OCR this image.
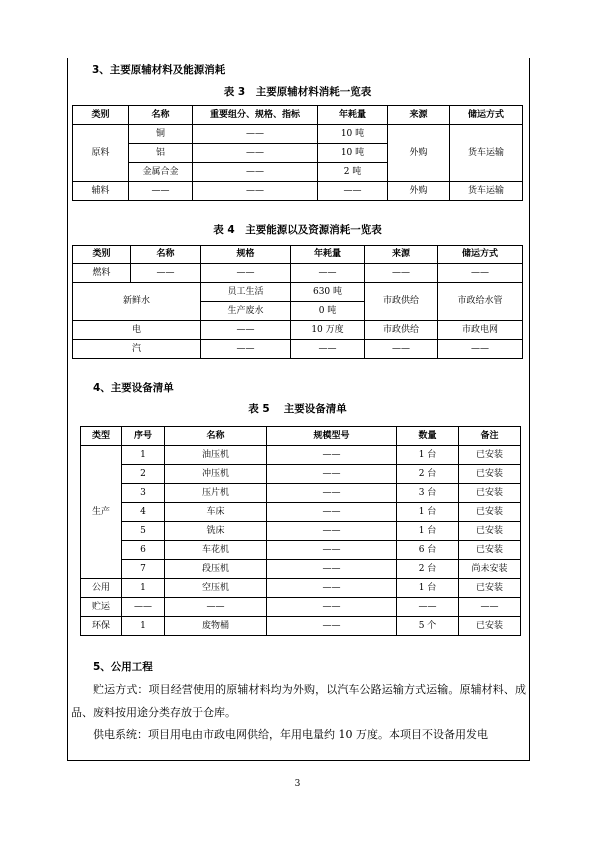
3、主要原辅材料及能源消耗
表 3　主要原辅材料消耗一览表
类别	名称	重要组分、规格、指标	年耗量	来源	储运方式
原料	铜	——	10 吨	外购	货车运输
	铝	——	10 吨		
	金属合金	——	2 吨		
辅料	——	——	——	外购	货车运输
表 4　主要能源以及资源消耗一览表
类别	名称	规格	年耗量	来源	储运方式
燃料	——	——	——	——	——
新鲜水		员工生活	630 吨	市政供给	市政给水管
		生产废水	0 吨		
电		——	10 万度	市政供给	市政电网
汽		——	——	——	——
4、主要设备清单
表 5　 主要设备清单
类型	序号	名称	规模型号	数量	备注
生产	1	油压机	——	1 台	已安装
	2	冲压机	——	2 台	已安装
	3	压片机	——	3 台	已安装
	4	车床	——	1 台	已安装
	5	铣床	——	1 台	已安装
	6	车花机	——	6 台	已安装
	7	段压机	——	2 台	尚未安装
公用	1	空压机	——	1 台	已安装
贮运	——	——	——	——	——
环保	1	废物桶	——	5 个	已安装
5、公用工程
贮运方式：项目经营使用的原辅材料均为外购，以汽车公路运输方式运输。原辅材料、成品、废料按用途分类存放于仓库。
供电系统：项目用电由市政电网供给，年用电量约 10 万度。本项目不设备用发电
3
